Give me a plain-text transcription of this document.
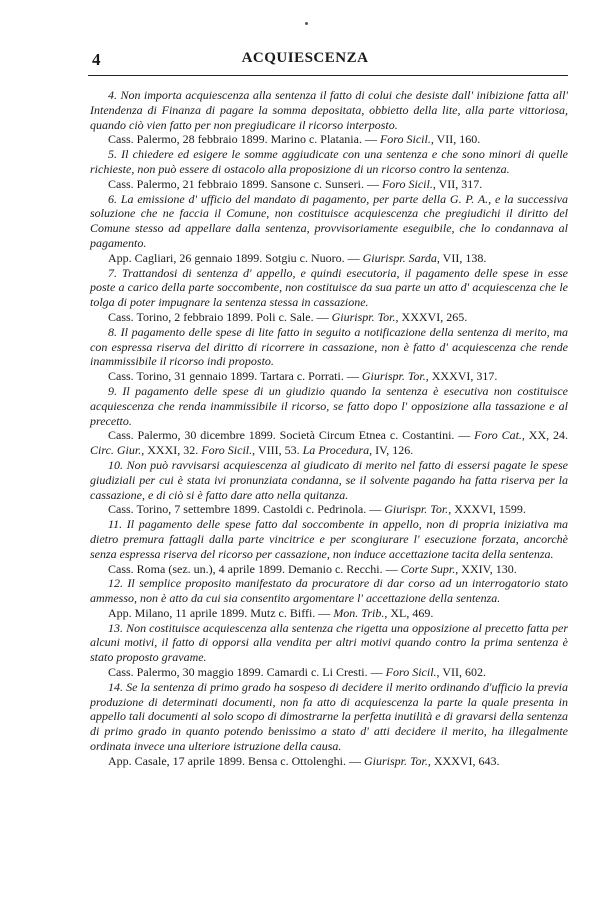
4	ACQUIESCENZA

4. Non importa acquiescenza alla sentenza il fatto di colui che desiste dall' inibizione fatta all' Intendenza di Finanza di pagare la somma depositata, obbietto della lite, alla parte vittoriosa, quando ciò vien fatto per non pregiudicare il ricorso interposto.

Cass. Palermo, 28 febbraio 1899. Marino c. Platania. — Foro Sicil., VII, 160.

5. Il chiedere ed esigere le somme aggiudicate con una sentenza e che sono minori di quelle richieste, non può essere di ostacolo alla proposizione di un ricorso contro la sentenza.

Cass. Palermo, 21 febbraio 1899. Sansone c. Sunseri. — Foro Sicil., VII, 317.

6. La emissione d' ufficio del mandato di pagamento, per parte della G. P. A., e la successiva soluzione che ne faccia il Comune, non costituisce acquiescenza che pregiudichi il diritto del Comune stesso ad appellare dalla sentenza, provvisoriamente eseguibile, che lo condannava al pagamento.

App. Cagliari, 26 gennaio 1899. Sotgiu c. Nuoro. — Giurispr. Sarda, VII, 138.

7. Trattandosi di sentenza d' appello, e quindi esecutoria, il pagamento delle spese in esse poste a carico della parte soccombente, non costituisce da sua parte un atto d' acquiescenza che le tolga di poter impugnare la sentenza stessa in cassazione.

Cass. Torino, 2 febbraio 1899. Poli c. Sale. — Giurispr. Tor., XXXVI, 265.

8. Il pagamento delle spese di lite fatto in seguito a notificazione della sentenza di merito, ma con espressa riserva del diritto di ricorrere in cassazione, non è fatto d' acquiescenza che rende inammissibile il ricorso indi proposto.

Cass. Torino, 31 gennaio 1899. Tartara c. Porrati. — Giurispr. Tor., XXXVI, 317.

9. Il pagamento delle spese di un giudizio quando la sentenza è esecutiva non costituisce acquiescenza che renda inammissibile il ricorso, se fatto dopo l' opposizione alla tassazione e al precetto.

Cass. Palermo, 30 dicembre 1899. Società Circum Etnea c. Costantini. — Foro Cat., XX, 24. Circ. Giur., XXXI, 32. Foro Sicil., VIII, 53. La Procedura, IV, 126.

10. Non può ravvisarsi acquiescenza al giudicato di merito nel fatto di essersi pagate le spese giudiziali per cui è stata ivi pronunziata condanna, se il solvente pagando ha fatta riserva per la cassazione, e di ciò si è fatto dare atto nella quitanza.

Cass. Torino, 7 settembre 1899. Castoldi c. Pedrinola. — Giurispr. Tor., XXXVI, 1599.

11. Il pagamento delle spese fatto dal soccombente in appello, non di propria iniziativa ma dietro premura fattagli dalla parte vincitrice e per scongiurare l' esecuzione forzata, ancorchè senza espressa riserva del ricorso per cassazione, non induce accettazione tacita della sentenza.

Cass. Roma (sez. un.), 4 aprile 1899. Demanio c. Recchi. — Corte Supr., XXIV, 130.

12. Il semplice proposito manifestato da procuratore di dar corso ad un interrogatorio stato ammesso, non è atto da cui sia consentito argomentare l' accettazione della sentenza.

App. Milano, 11 aprile 1899. Mutz c. Biffi. — Mon. Trib., XL, 469.

13. Non costituisce acquiescenza alla sentenza che rigetta una opposizione al precetto fatta per alcuni motivi, il fatto di opporsi alla vendita per altri motivi quando contro la prima sentenza è stato proposto gravame.

Cass. Palermo, 30 maggio 1899. Camardi c. Li Cresti. — Foro Sicil., VII, 602.

14. Se la sentenza di primo grado ha sospeso di decidere il merito ordinando d'ufficio la previa produzione di determinati documenti, non fa atto di acquiescenza la parte la quale presenta in appello tali documenti al solo scopo di dimostrarne la perfetta inutilità e di gravarsi della sentenza di primo grado in quanto potendo benissimo a stato d' atti decidere il merito, ha illegalmente ordinata invece una ulteriore istruzione della causa.

App. Casale, 17 aprile 1899. Bensa c. Ottolenghi. — Giurispr. Tor., XXXVI, 643.
